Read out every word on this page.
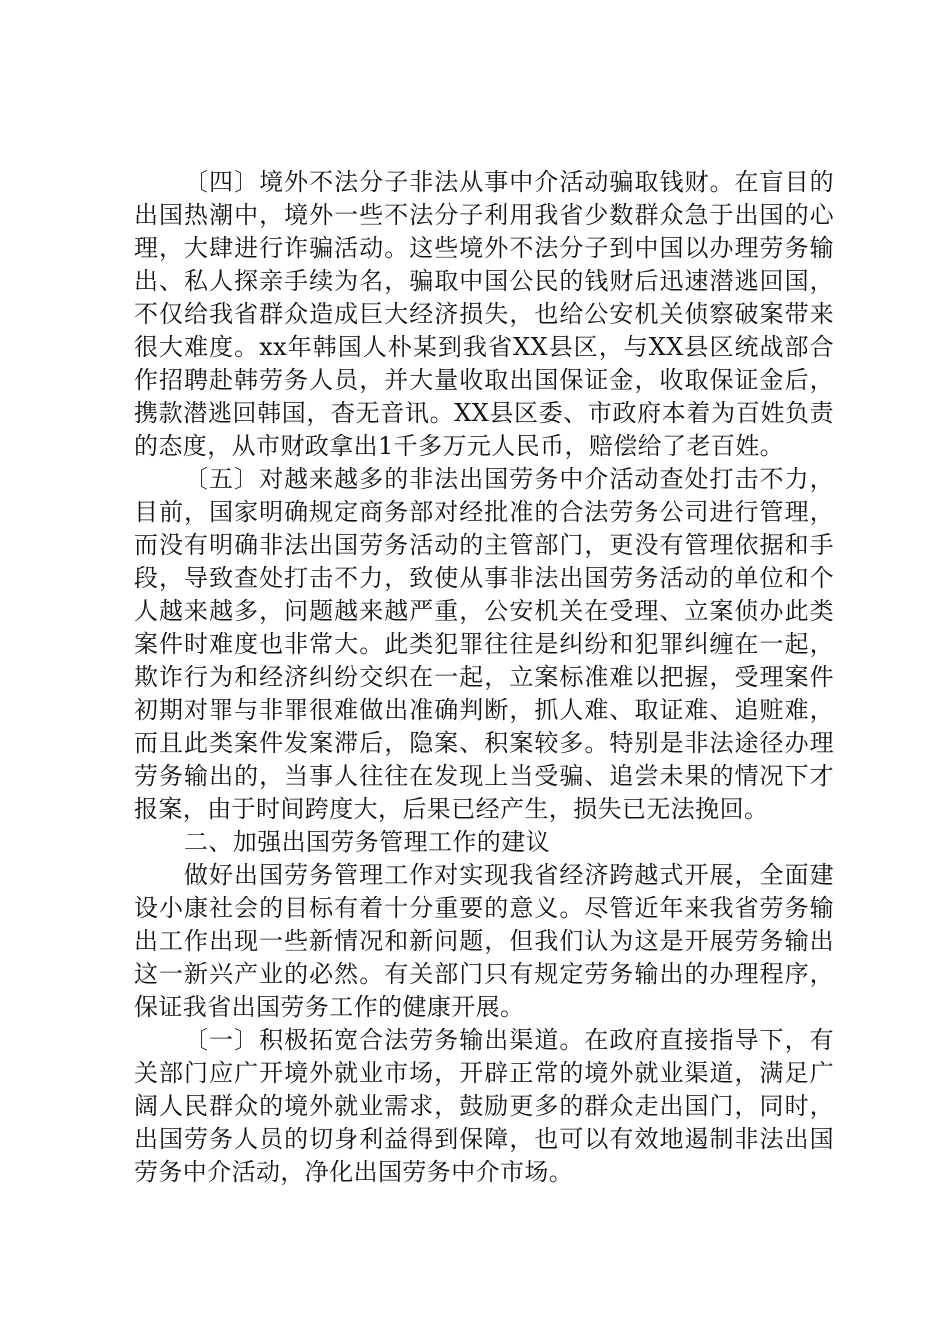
〔四〕境外不法分子非法从事中介活动骗取钱财。在盲目的出国热潮中，境外一些不法分子利用我省少数群众急于出国的心理，大肆进行诈骗活动。这些境外不法分子到中国以办理劳务输出、私人探亲手续为名，骗取中国公民的钱财后迅速潜逃回国，不仅给我省群众造成巨大经济损失，也给公安机关侦察破案带来很大难度。xx年韩国人朴某到我省XX县区，与XX县区统战部合作招聘赴韩劳务人员，并大量收取出国保证金，收取保证金后，携款潜逃回韩国，杳无音讯。XX县区委、市政府本着为百姓负责的态度，从市财政拿出1千多万元人民币，赔偿给了老百姓。

〔五〕对越来越多的非法出国劳务中介活动查处打击不力，目前，国家明确规定商务部对经批准的合法劳务公司进行管理，而没有明确非法出国劳务活动的主管部门，更没有管理依据和手段，导致查处打击不力，致使从事非法出国劳务活动的单位和个人越来越多，问题越来越严重，公安机关在受理、立案侦办此类案件时难度也非常大。此类犯罪往往是纠纷和犯罪纠缠在一起，欺诈行为和经济纠纷交织在一起，立案标准难以把握，受理案件初期对罪与非罪很难做出准确判断，抓人难、取证难、追赃难，而且此类案件发案滞后，隐案、积案较多。特别是非法途径办理劳务输出的，当事人往往在发现上当受骗、追尝未果的情况下才报案，由于时间跨度大，后果已经产生，损失已无法挽回。

二、加强出国劳务管理工作的建议

做好出国劳务管理工作对实现我省经济跨越式开展，全面建设小康社会的目标有着十分重要的意义。尽管近年来我省劳务输出工作出现一些新情况和新问题，但我们认为这是开展劳务输出这一新兴产业的必然。有关部门只有规定劳务输出的办理程序，保证我省出国劳务工作的健康开展。

〔一〕积极拓宽合法劳务输出渠道。在政府直接指导下，有关部门应广开境外就业市场，开辟正常的境外就业渠道，满足广阔人民群众的境外就业需求，鼓励更多的群众走出国门，同时，出国劳务人员的切身利益得到保障，也可以有效地遏制非法出国劳务中介活动，净化出国劳务中介市场。
